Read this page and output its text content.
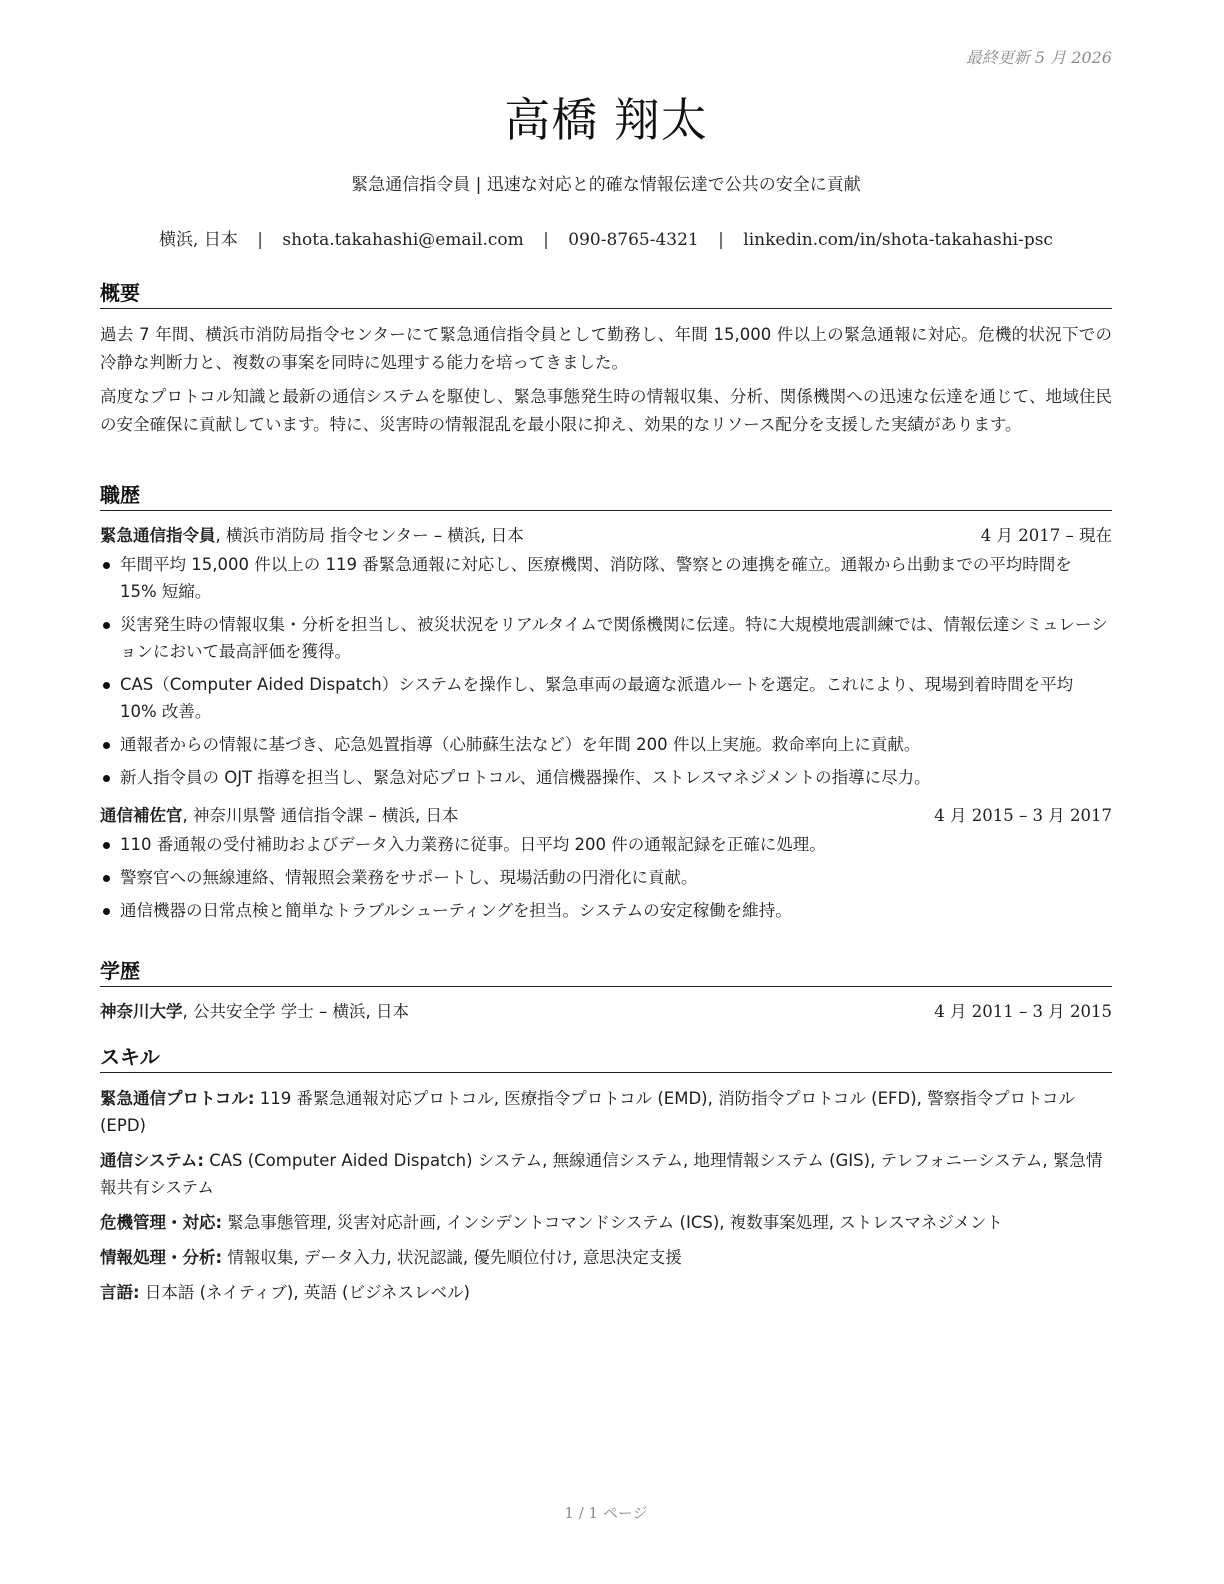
最終更新 5 月 2026
高橋 翔太
緊急通信指令員 | 迅速な対応と的確な情報伝達で公共の安全に貢献
横浜, 日本 | shota.takahashi@email.com | 090-8765-4321 | linkedin.com/in/shota-takahashi-psc
概要

過去 7 年間、横浜市消防局指令センターにて緊急通信指令員として勤務し、年間 15,000 件以上の緊急通報に対応。危機的状況下での冷静な判断力と、複数の事案を同時に処理する能力を培ってきました。

高度なプロトコル知識と最新の通信システムを駆使し、緊急事態発生時の情報収集、分析、関係機関への迅速な伝達を通じて、地域住民の安全確保に貢献しています。特に、災害時の情報混乱を最小限に抑え、効果的なリソース配分を支援した実績があります。

職歴
緊急通信指令員, 横浜市消防局 指令センター – 横浜, 日本	4 月 2017 – 現在
年間平均 15,000 件以上の 119 番緊急通報に対応し、医療機関、消防隊、警察との連携を確立。通報から出動までの平均時間を 15% 短縮。
災害発生時の情報収集・分析を担当し、被災状況をリアルタイムで関係機関に伝達。特に大規模地震訓練では、情報伝達シミュレーションにおいて最高評価を獲得。
CAS（Computer Aided Dispatch）システムを操作し、緊急車両の最適な派遣ルートを選定。これにより、現場到着時間を平均 10% 改善。
通報者からの情報に基づき、応急処置指導（心肺蘇生法など）を年間 200 件以上実施。救命率向上に貢献。
新人指令員の OJT 指導を担当し、緊急対応プロトコル、通信機器操作、ストレスマネジメントの指導に尽力。
通信補佐官, 神奈川県警 通信指令課 – 横浜, 日本	4 月 2015 – 3 月 2017
110 番通報の受付補助およびデータ入力業務に従事。日平均 200 件の通報記録を正確に処理。
警察官への無線連絡、情報照会業務をサポートし、現場活動の円滑化に貢献。
通信機器の日常点検と簡単なトラブルシューティングを担当。システムの安定稼働を維持。
学歴
神奈川大学, 公共安全学 学士 – 横浜, 日本	4 月 2011 – 3 月 2015
スキル
緊急通信プロトコル: 119 番緊急通報対応プロトコル, 医療指令プロトコル (EMD), 消防指令プロトコル (EFD), 警察指令プロトコル (EPD)
通信システム: CAS (Computer Aided Dispatch) システム, 無線通信システム, 地理情報システム (GIS), テレフォニーシステム, 緊急情報共有システム
危機管理・対応: 緊急事態管理, 災害対応計画, インシデントコマンドシステム (ICS), 複数事案処理, ストレスマネジメント
情報処理・分析: 情報収集, データ入力, 状況認識, 優先順位付け, 意思決定支援
言語: 日本語 (ネイティブ), 英語 (ビジネスレベル)
1 / 1 ページ
